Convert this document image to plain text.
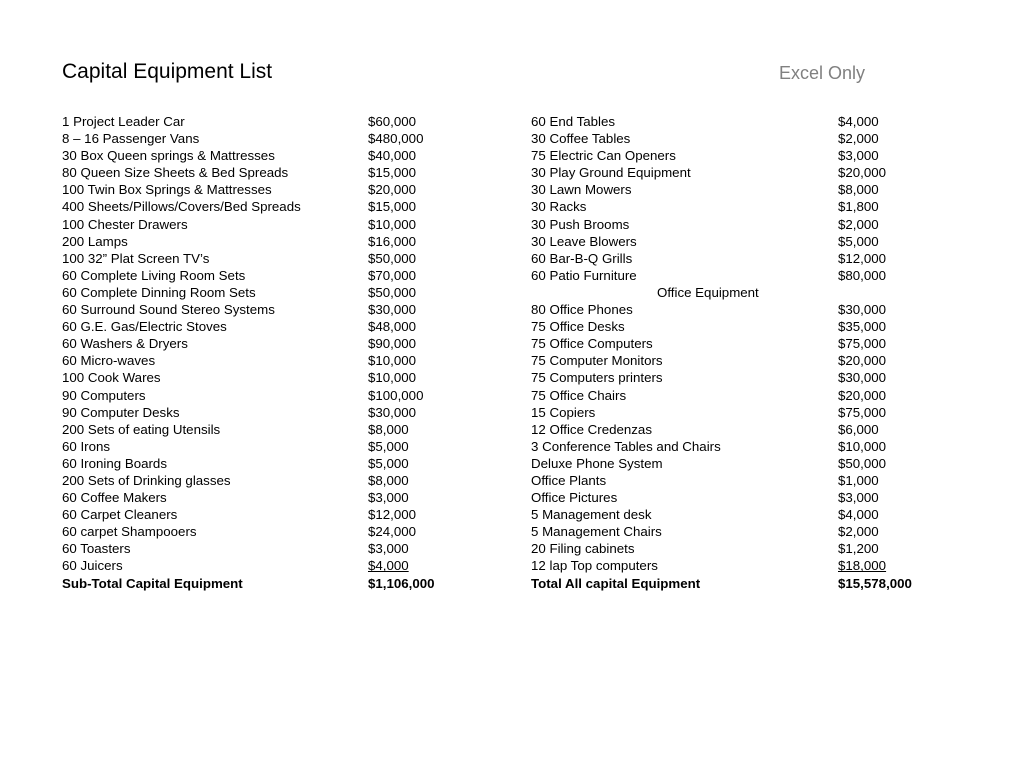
Capital Equipment List	Excel Only
1 Project Leader Car	$60,000
8 – 16 Passenger Vans	$480,000
30 Box Queen springs & Mattresses	$40,000
80 Queen Size Sheets & Bed Spreads	$15,000
100 Twin Box Springs & Mattresses	$20,000
400 Sheets/Pillows/Covers/Bed Spreads	$15,000
100 Chester Drawers	$10,000
200 Lamps	$16,000
100 32” Plat Screen TV’s	$50,000
60 Complete Living Room Sets	$70,000
60 Complete Dinning Room Sets	$50,000
60 Surround Sound Stereo Systems	$30,000
60 G.E. Gas/Electric Stoves	$48,000
60 Washers & Dryers	$90,000
60 Micro-waves	$10,000
100 Cook Wares	$10,000
90 Computers	$100,000
90 Computer Desks	$30,000
200 Sets of eating Utensils	$8,000
60 Irons	$5,000
60 Ironing Boards	$5,000
200 Sets of Drinking glasses	$8,000
60 Coffee Makers	$3,000
60 Carpet Cleaners	$12,000
60 carpet Shampooers	$24,000
60 Toasters	$3,000
60 Juicers	$4,000
Sub-Total Capital Equipment	$1,106,000
60 End Tables	$4,000
30 Coffee Tables	$2,000
75 Electric Can Openers	$3,000
30 Play Ground Equipment	$20,000
30 Lawn Mowers	$8,000
30 Racks	$1,800
30 Push Brooms	$2,000
30 Leave Blowers	$5,000
60 Bar-B-Q Grills	$12,000
60 Patio Furniture	$80,000
Office Equipment
80 Office Phones	$30,000
75 Office Desks	$35,000
75 Office Computers	$75,000
75 Computer Monitors	$20,000
75 Computers printers	$30,000
75 Office Chairs	$20,000
15 Copiers	$75,000
12 Office Credenzas	$6,000
3 Conference Tables and Chairs	$10,000
Deluxe Phone System	$50,000
Office Plants	$1,000
Office Pictures	$3,000
5 Management desk	$4,000
5 Management Chairs	$2,000
20 Filing cabinets	$1,200
12 lap Top computers	$18,000
Total All capital Equipment	$15,578,000
